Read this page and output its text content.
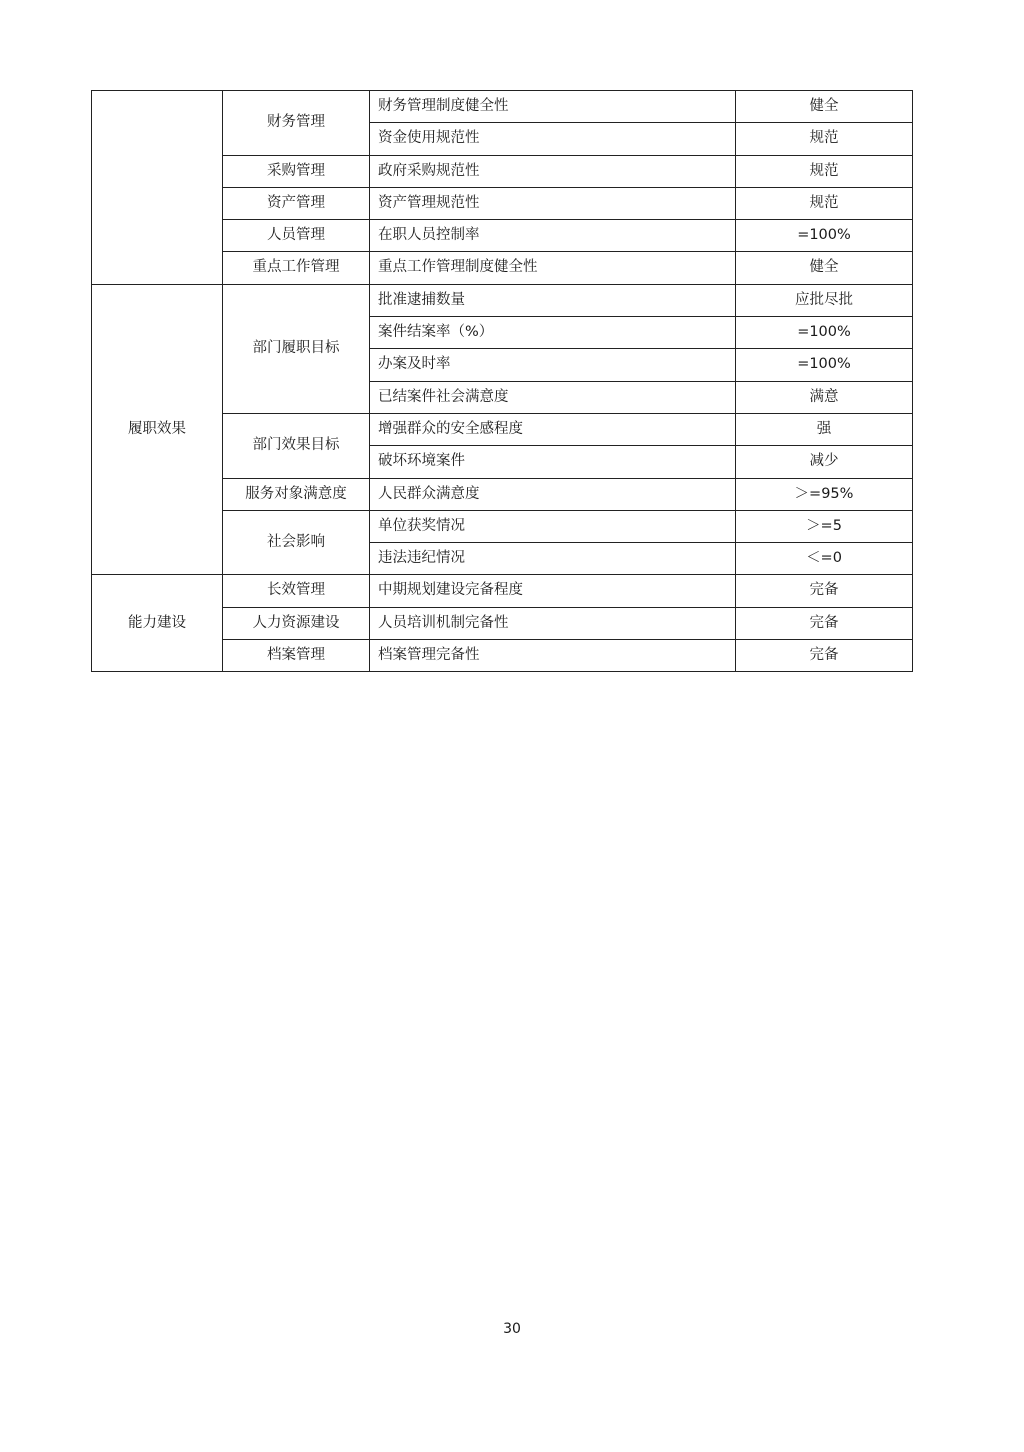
	财务管理	财务管理制度健全性	健全
		资金使用规范性	规范
	采购管理	政府采购规范性	规范
	资产管理	资产管理规范性	规范
	人员管理	在职人员控制率	=100%
	重点工作管理	重点工作管理制度健全性	健全
履职效果	部门履职目标	批准逮捕数量	应批尽批
		案件结案率（%）	=100%
		办案及时率	=100%
		已结案件社会满意度	满意
	部门效果目标	增强群众的安全感程度	强
		破坏环境案件	减少
	服务对象满意度	人民群众满意度	＞=95%
	社会影响	单位获奖情况	＞=5
		违法违纪情况	＜=0
能力建设	长效管理	中期规划建设完备程度	完备
	人力资源建设	人员培训机制完备性	完备
	档案管理	档案管理完备性	完备
30
